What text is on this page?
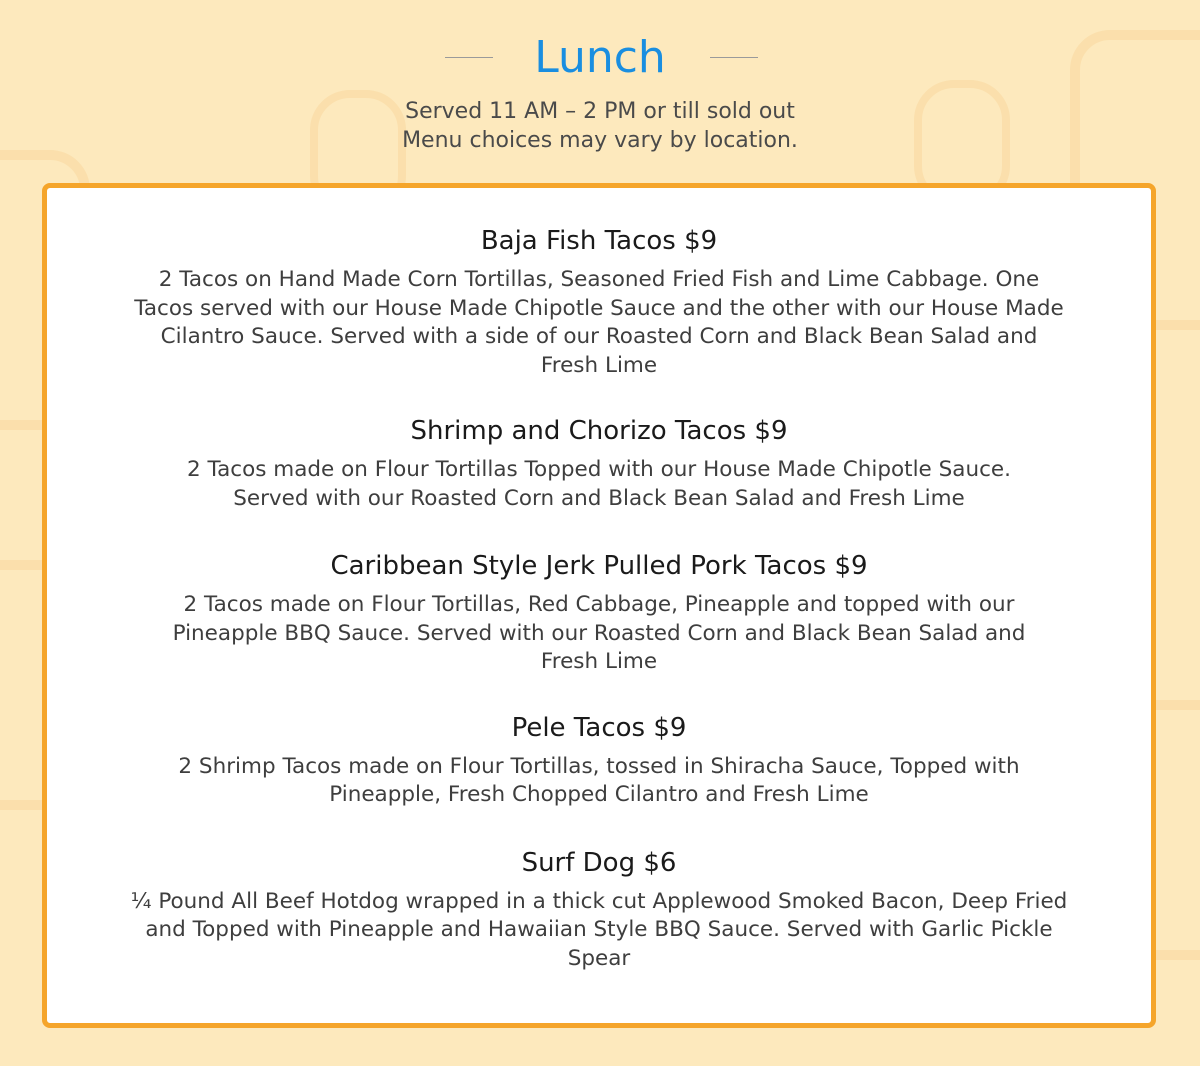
Lunch
Served 11 AM – 2 PM or till sold out
Menu choices may vary by location.
Baja Fish Tacos $9
2 Tacos on Hand Made Corn Tortillas, Seasoned Fried Fish and Lime Cabbage. One Tacos served with our House Made Chipotle Sauce and the other with our House Made Cilantro Sauce. Served with a side of our Roasted Corn and Black Bean Salad and Fresh Lime
Shrimp and Chorizo Tacos $9
2 Tacos made on Flour Tortillas Topped with our House Made Chipotle Sauce. Served with our Roasted Corn and Black Bean Salad and Fresh Lime
Caribbean Style Jerk Pulled Pork Tacos $9
2 Tacos made on Flour Tortillas, Red Cabbage, Pineapple and topped with our Pineapple BBQ Sauce. Served with our Roasted Corn and Black Bean Salad and Fresh Lime
Pele Tacos $9
2 Shrimp Tacos made on Flour Tortillas, tossed in Shiracha Sauce, Topped with Pineapple, Fresh Chopped Cilantro and Fresh Lime
Surf Dog $6
¼ Pound All Beef Hotdog wrapped in a thick cut Applewood Smoked Bacon, Deep Fried and Topped with Pineapple and Hawaiian Style BBQ Sauce. Served with Garlic Pickle Spear
